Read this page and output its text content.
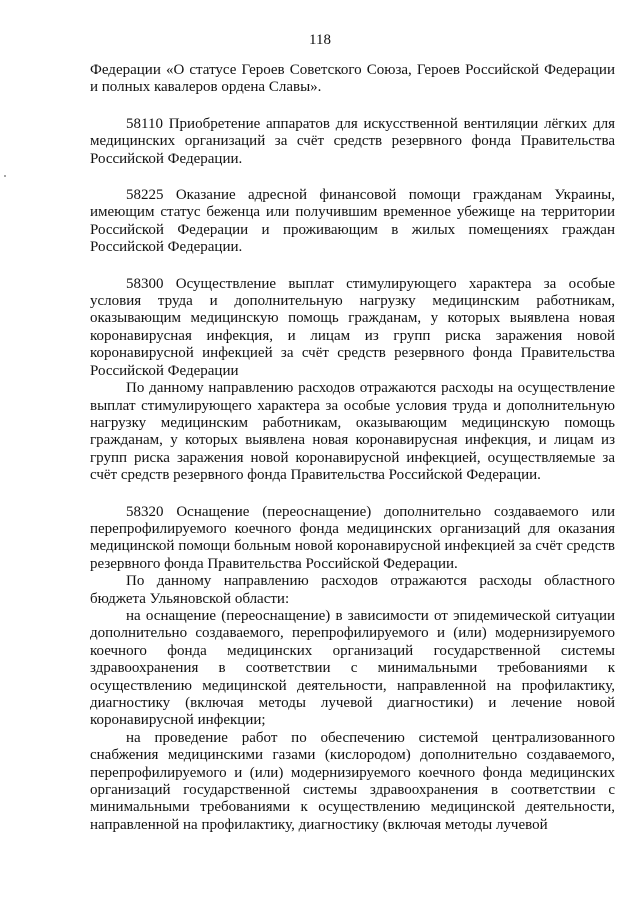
118

Федерации «О статусе Героев Советского Союза, Героев Российской Федерации и полных кавалеров ордена Славы».

58110 Приобретение аппаратов для искусственной вентиляции лёгких для медицинских организаций за счёт средств резервного фонда Правительства Российской Федерации.

58225 Оказание адресной финансовой помощи гражданам Украины, имеющим статус беженца или получившим временное убежище на территории Российской Федерации и проживающим в жилых помещениях граждан Российской Федерации.

58300 Осуществление выплат стимулирующего характера за особые условия труда и дополнительную нагрузку медицинским работникам, оказывающим медицинскую помощь гражданам, у которых выявлена новая коронавирусная инфекция, и лицам из групп риска заражения новой коронавирусной инфекцией за счёт средств резервного фонда Правительства Российской Федерации

По данному направлению расходов отражаются расходы на осуществление выплат стимулирующего характера за особые условия труда и дополнительную нагрузку медицинским работникам, оказывающим медицинскую помощь гражданам, у которых выявлена новая коронавирусная инфекция, и лицам из групп риска заражения новой коронавирусной инфекцией, осуществляемые за счёт средств резервного фонда Правительства Российской Федерации.

58320 Оснащение (переоснащение) дополнительно создаваемого или перепрофилируемого коечного фонда медицинских организаций для оказания медицинской помощи больным новой коронавирусной инфекцией за счёт средств резервного фонда Правительства Российской Федерации.

По данному направлению расходов отражаются расходы областного бюджета Ульяновской области:

на оснащение (переоснащение) в зависимости от эпидемической ситуации дополнительно создаваемого, перепрофилируемого и (или) модернизируемого коечного фонда медицинских организаций государственной системы здравоохранения в соответствии с минимальными требованиями к осуществлению медицинской деятельности, направленной на профилактику, диагностику (включая методы лучевой диагностики) и лечение новой коронавирусной инфекции;

на проведение работ по обеспечению системой централизованного снабжения медицинскими газами (кислородом) дополнительно создаваемого, перепрофилируемого и (или) модернизируемого коечного фонда медицинских организаций государственной системы здравоохранения в соответствии с минимальными требованиями к осуществлению медицинской деятельности, направленной на профилактику, диагностику (включая методы лучевой
